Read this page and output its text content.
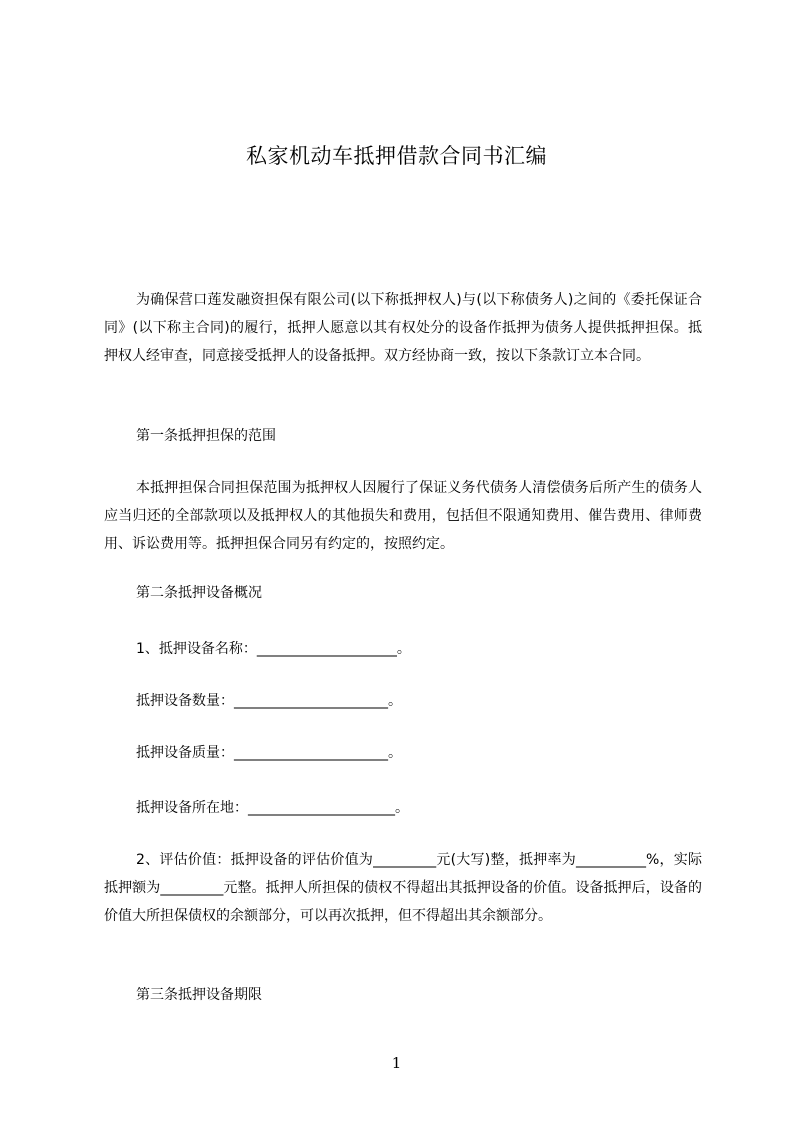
私家机动车抵押借款合同书汇编
为确保营口莲发融资担保有限公司(以下称抵押权人)与(以下称债务人)之间的《委托保证合同》(以下称主合同)的履行，抵押人愿意以其有权处分的设备作抵押为债务人提供抵押担保。抵押权人经审查，同意接受抵押人的设备抵押。双方经协商一致，按以下条款订立本合同。
第一条抵押担保的范围
本抵押担保合同担保范围为抵押权人因履行了保证义务代债务人清偿债务后所产生的债务人应当归还的全部款项以及抵押权人的其他损失和费用，包括但不限通知费用、催告费用、律师费用、诉讼费用等。抵押担保合同另有约定的，按照约定。
第二条抵押设备概况
1、抵押设备名称：____________________。
抵押设备数量：______________________。
抵押设备质量：______________________。
抵押设备所在地：_____________________。
2、评估价值：抵押设备的评估价值为_________元(大写)整，抵押率为__________%，实际抵押额为_________元整。抵押人所担保的债权不得超出其抵押设备的价值。设备抵押后，设备的价值大所担保债权的余额部分，可以再次抵押，但不得超出其余额部分。
第三条抵押设备期限
1
